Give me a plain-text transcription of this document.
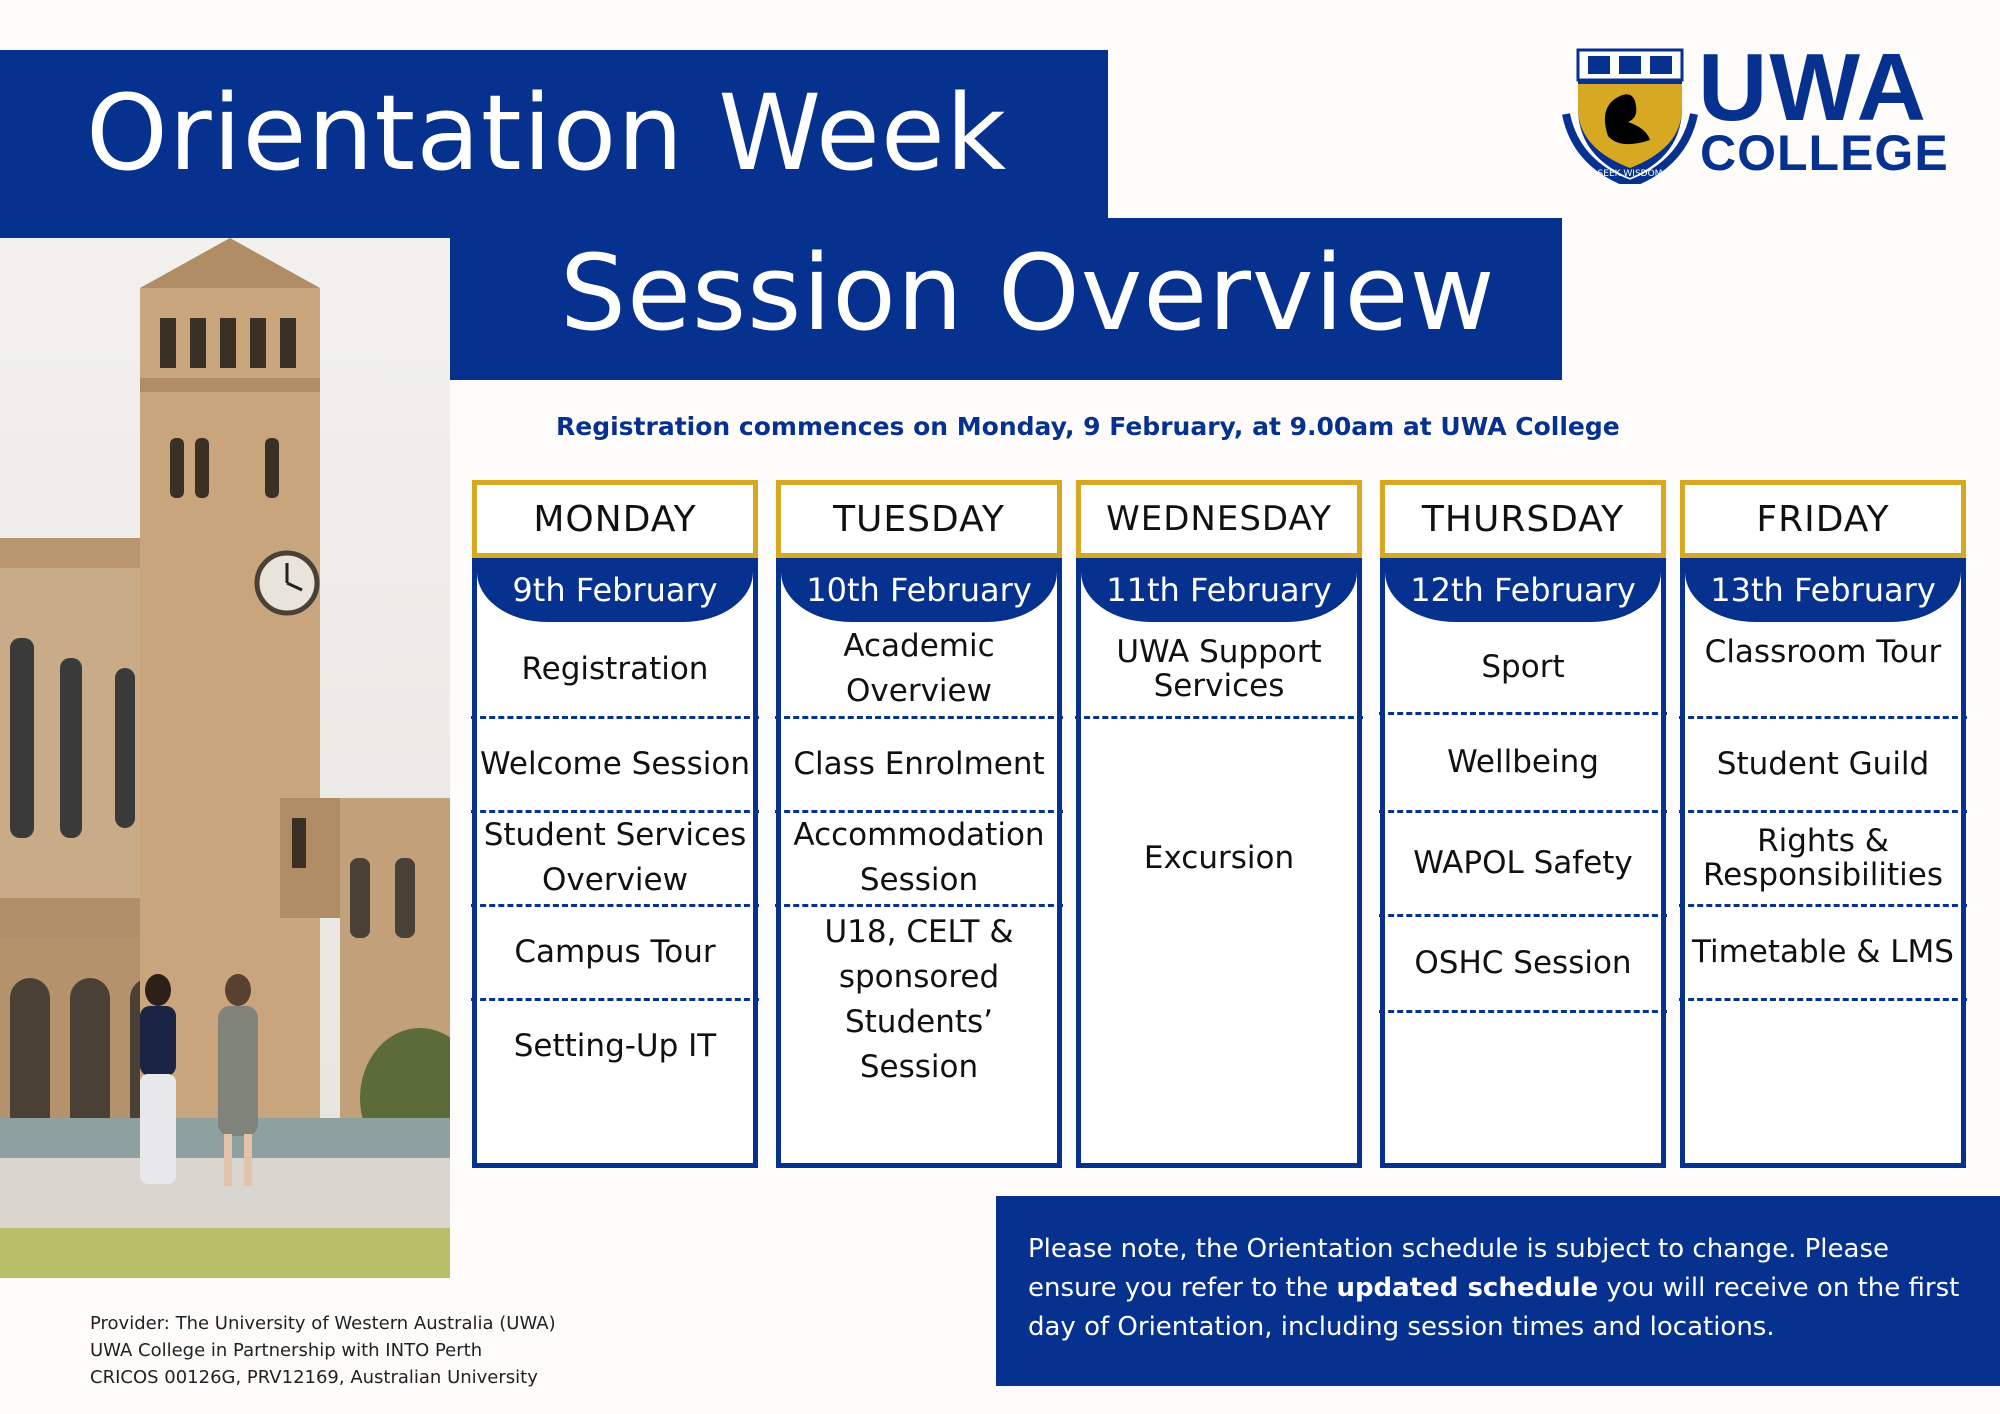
Orientation Week
Session Overview
SEEK WISDOM
UWA
COLLEGE
Registration commences on Monday, 9 February, at 9.00am at UWA College
MONDAY
9th February
Registration
Welcome Session
Student Services Overview
Campus Tour
Setting-Up IT
TUESDAY
10th February
Academic Overview
Class Enrolment
Accommodation Session
U18, CELT & sponsored Students’ Session
WEDNESDAY
11th February
UWA Support Services
Excursion
THURSDAY
12th February
Sport
Wellbeing
WAPOL Safety
OSHC Session
FRIDAY
13th February
Classroom Tour
Student Guild
Rights & Responsibilities
Timetable & LMS
Please note, the Orientation schedule is subject to change. Please ensure you refer to the updated schedule you will receive on the first day of Orientation, including session times and locations.
Provider: The University of Western Australia (UWA)
UWA College in Partnership with INTO Perth
CRICOS 00126G, PRV12169, Australian University
